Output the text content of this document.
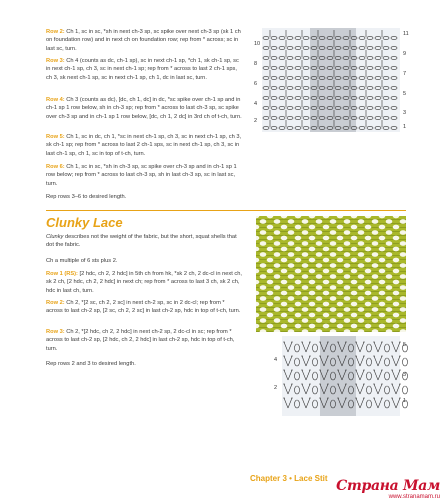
Row 2: Ch 1, sc in sc, *sh in next ch-3 sp, sc spike over next ch-3 sp (sk 1 ch on foundation row) and in next ch on foundation row; rep from * across; sc in last sc, turn.

Row 3: Ch 4 (counts as dc, ch-1 sp), sc in next ch-1 sp, *ch 1, sk ch-1 sp, sc in next ch-1 sp, ch 3, sc in next ch-1 sp; rep from * across to last 2 ch-1 sps, ch 3, sk next ch-1 sp, sc in next ch-1 sp, ch 1, dc in last sc, turn.

Row 4: Ch 3 (counts as dc), [dc, ch 1, dc] in dc, *sc spike over ch-1 sp and in ch-1 sp 1 row below, sh in ch-3 sp; rep from * across to last ch-3 sp, sc spike over ch-3 sp and in ch-1 sp 1 row below, [dc, ch 1, 2 dc] in 3rd ch of t-ch, turn.

Row 5: Ch 1, sc in dc, ch 1, *sc in next ch-1 sp, ch 3, sc in next ch-1 sp, ch 3, sk ch-1 sp; rep from * across to last 2 ch-1 sps, sc in next ch-1 sp, ch 3, sc in last ch-1 sp, ch 1, sc in top of t-ch, turn.

Row 6: Ch 1, sc in sc, *sh in ch-3 sp, sc spike over ch-3 sp and in ch-1 sp 1 row below; rep from * across to last ch-3 sp, sh in last ch-3 sp, sc in last sc, turn.

Rep rows 3–6 to desired length.

11
9
7
5
3
1
10
8
6
4
2
Clunky Lace

Clunky describes not the weight of the fabric, but the short, squat shells that dot the fabric.

Ch a multiple of 6 sts plus 2.

Row 1 (RS): [2 hdc, ch 2, 2 hdc] in 5th ch from hk, *sk 2 ch, 2 dc-cl in next ch, sk 2 ch, [2 hdc, ch 2, 2 hdc] in next ch; rep from * across to last 3 ch, sk 2 ch, hdc in last ch, turn.

Row 2: Ch 2, *[2 sc, ch 2, 2 sc] in next ch-2 sp, sc in 2 dc-cl; rep from * across to last ch-2 sp, [2 sc, ch 2, 2 sc] in last ch-2 sp, hdc in top of t-ch, turn.

Row 3: Ch 2, *[2 hdc, ch 2, 2 hdc] in next ch-2 sp, 2 dc-cl in sc; rep from * across to last ch-2 sp, [2 hdc, ch 2, 2 hdc] in last ch-2 sp, hdc in top of t-ch, turn.

Rep rows 2 and 3 to desired length.

5
3
1
4
2
Chapter 3 • Lace Stit Страна Мам
www.stranamam.ru
